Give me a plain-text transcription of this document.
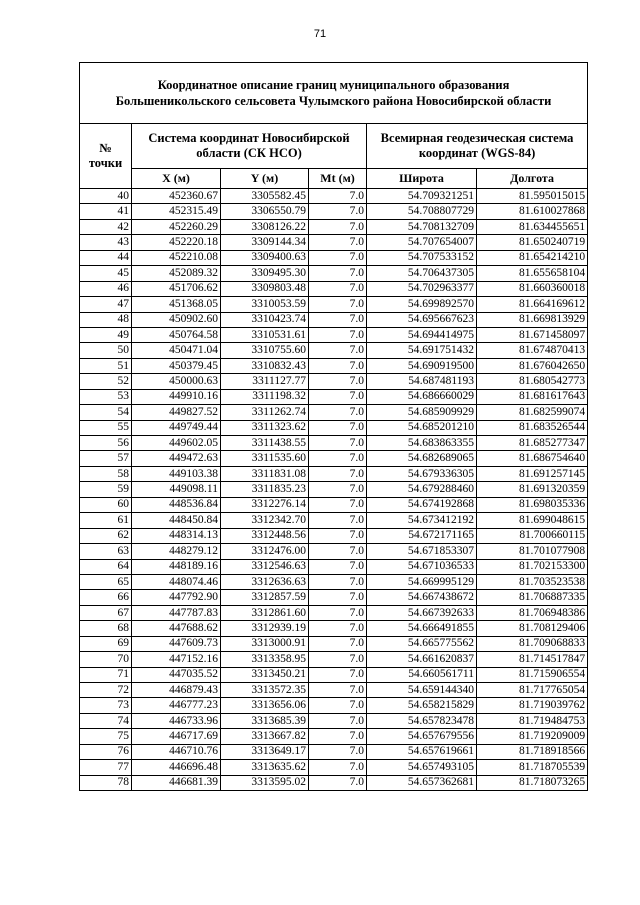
71
Координатное описание границ муниципального образования
Большеникольского сельсовета Чулымского района Новосибирской области					

№
точки	Система координат Новосибирской области (СК НСО)			Всемирная геодезическая система координат (WGS-84)	
	X (м)	Y (м)	Mt (м)	Широта	Долгота
40	452360.67	3305582.45	7.0	54.709321251	81.595015015
41	452315.49	3306550.79	7.0	54.708807729	81.610027868
42	452260.29	3308126.22	7.0	54.708132709	81.634455651
43	452220.18	3309144.34	7.0	54.707654007	81.650240719
44	452210.08	3309400.63	7.0	54.707533152	81.654214210
45	452089.32	3309495.30	7.0	54.706437305	81.655658104
46	451706.62	3309803.48	7.0	54.702963377	81.660360018
47	451368.05	3310053.59	7.0	54.699892570	81.664169612
48	450902.60	3310423.74	7.0	54.695667623	81.669813929
49	450764.58	3310531.61	7.0	54.694414975	81.671458097
50	450471.04	3310755.60	7.0	54.691751432	81.674870413
51	450379.45	3310832.43	7.0	54.690919500	81.676042650
52	450000.63	3311127.77	7.0	54.687481193	81.680542773
53	449910.16	3311198.32	7.0	54.686660029	81.681617643
54	449827.52	3311262.74	7.0	54.685909929	81.682599074
55	449749.44	3311323.62	7.0	54.685201210	81.683526544
56	449602.05	3311438.55	7.0	54.683863355	81.685277347
57	449472.63	3311535.60	7.0	54.682689065	81.686754640
58	449103.38	3311831.08	7.0	54.679336305	81.691257145
59	449098.11	3311835.23	7.0	54.679288460	81.691320359
60	448536.84	3312276.14	7.0	54.674192868	81.698035336
61	448450.84	3312342.70	7.0	54.673412192	81.699048615
62	448314.13	3312448.56	7.0	54.672171165	81.700660115
63	448279.12	3312476.00	7.0	54.671853307	81.701077908
64	448189.16	3312546.63	7.0	54.671036533	81.702153300
65	448074.46	3312636.63	7.0	54.669995129	81.703523538
66	447792.90	3312857.59	7.0	54.667438672	81.706887335
67	447787.83	3312861.60	7.0	54.667392633	81.706948386
68	447688.62	3312939.19	7.0	54.666491855	81.708129406
69	447609.73	3313000.91	7.0	54.665775562	81.709068833
70	447152.16	3313358.95	7.0	54.661620837	81.714517847
71	447035.52	3313450.21	7.0	54.660561711	81.715906554
72	446879.43	3313572.35	7.0	54.659144340	81.717765054
73	446777.23	3313656.06	7.0	54.658215829	81.719039762
74	446733.96	3313685.39	7.0	54.657823478	81.719484753
75	446717.69	3313667.82	7.0	54.657679556	81.719209009
76	446710.76	3313649.17	7.0	54.657619661	81.718918566
77	446696.48	3313635.62	7.0	54.657493105	81.718705539
78	446681.39	3313595.02	7.0	54.657362681	81.718073265
